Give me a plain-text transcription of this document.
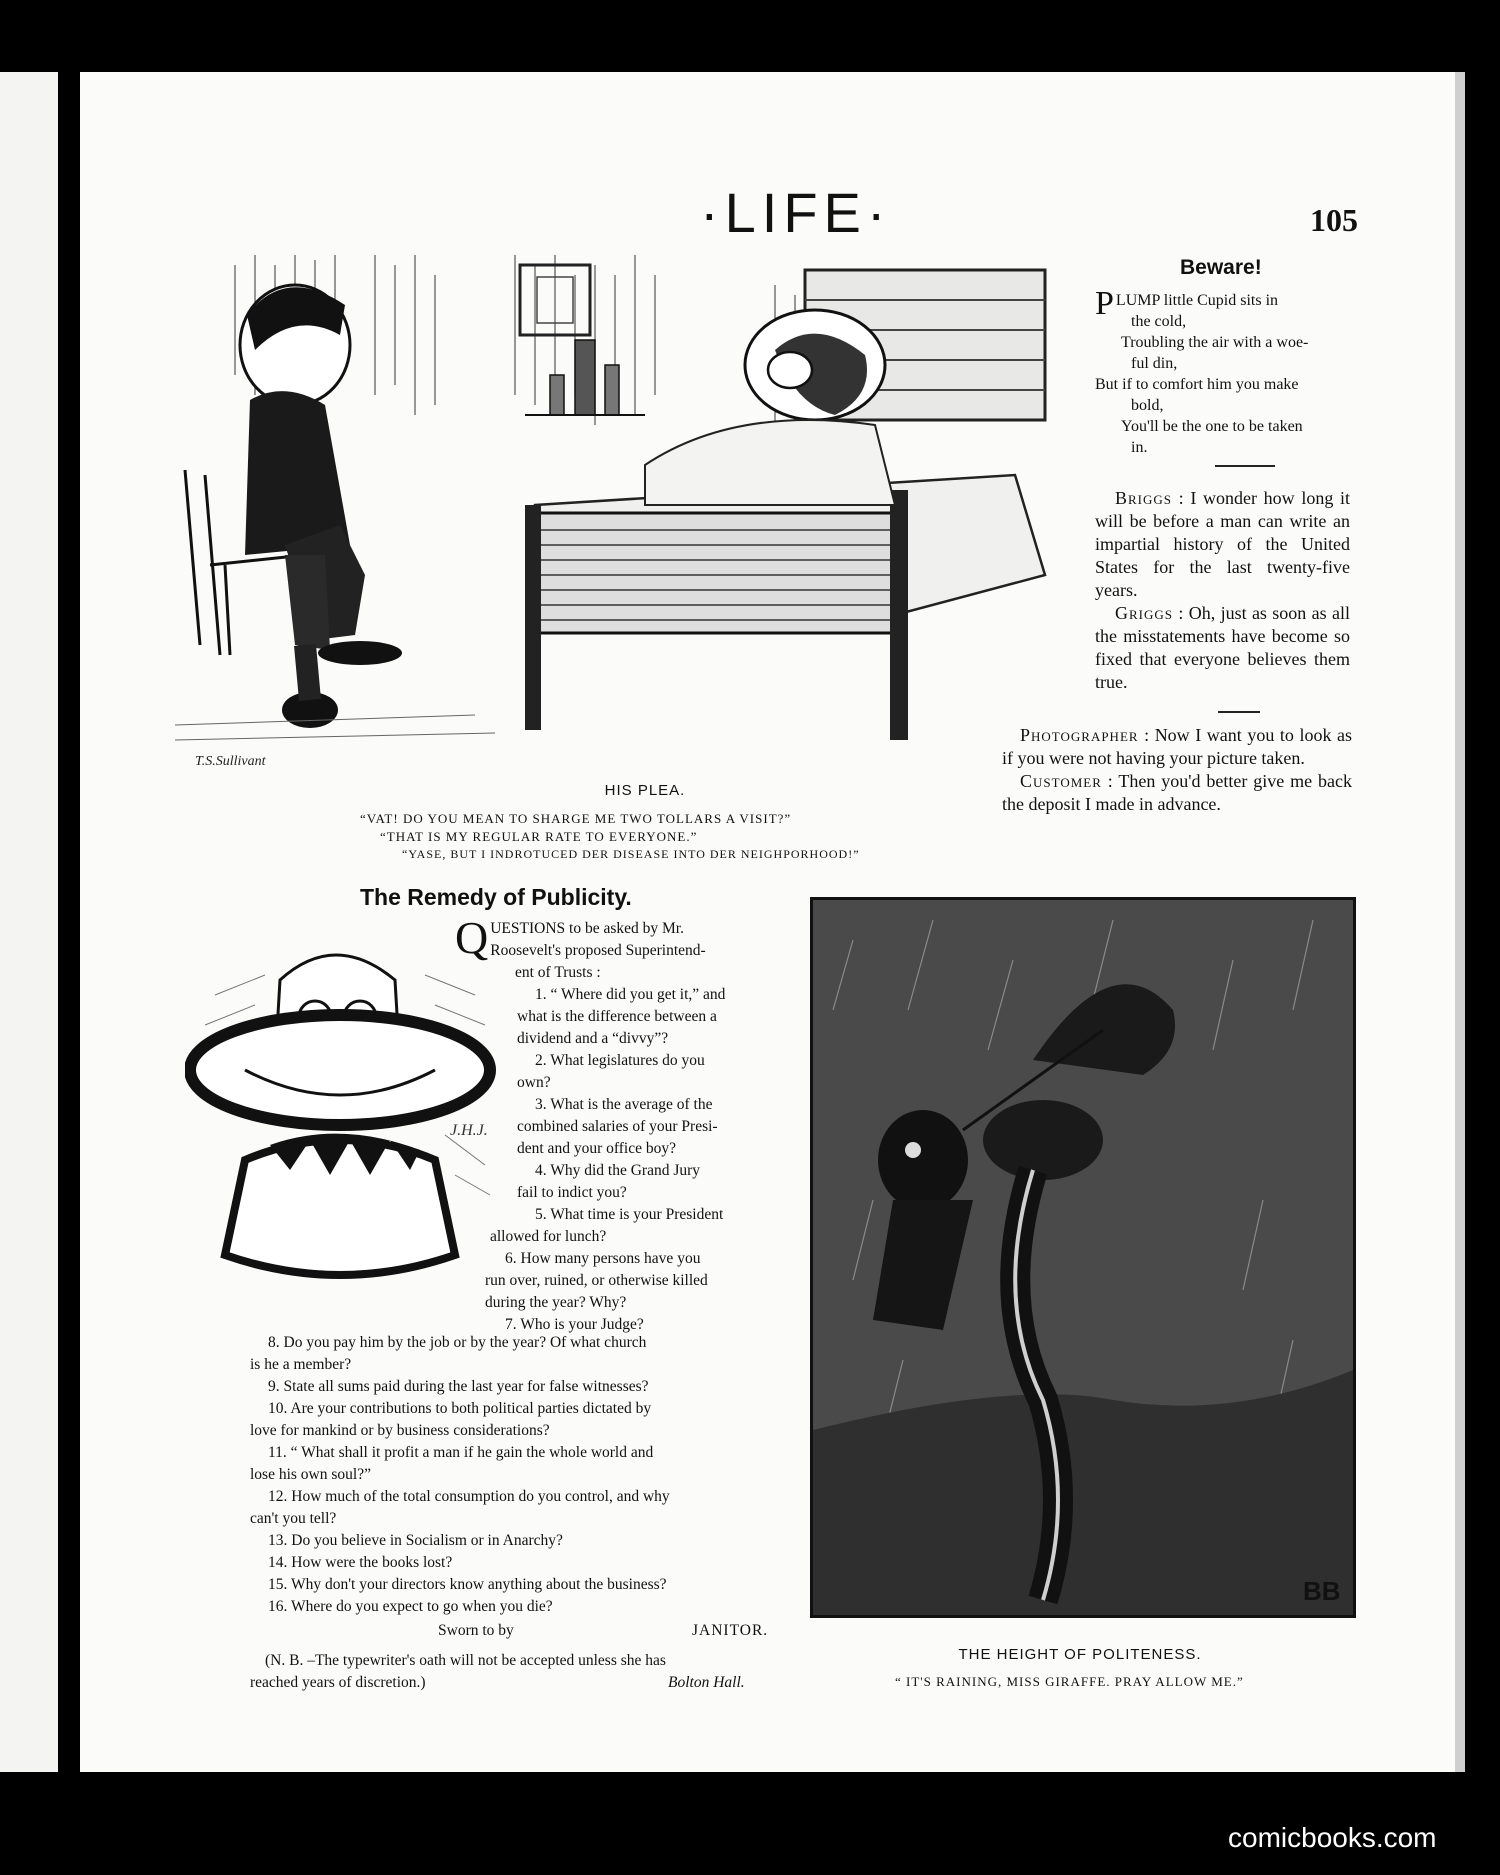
·LIFE·	105
T.S.Sullivant
HIS PLEA.
“VAT! DO YOU MEAN TO SHARGE ME TWO TOLLARS A VISIT?”
“THAT IS MY REGULAR RATE TO EVERYONE.”
“YASE, BUT I INDROTUCED DER DISEASE INTO DER NEIGHPORHOOD!”
Beware!
P LUMP little Cupid sits in
the cold,
Troubling the air with a woe-
ful din,
But if to comfort him you make
bold,
You'll be the one to be taken
in.
Briggs : I wonder how long it will be before a man can write an impartial history of the United States for the last twenty-five years.
Griggs : Oh, just as soon as all the misstatements have become so fixed that everyone believes them true.
Photographer : Now I want you to look as if you were not having your picture taken.
Customer : Then you'd better give me back the deposit I made in advance.
The Remedy of Publicity.
J.H.J.
Q UESTIONS to be asked by Mr.
Roosevelt's proposed Superintend-
ent of Trusts :
1. “ Where did you get it,” and
what is the difference between a
dividend and a “divvy”?
2. What legislatures do you
own?
3. What is the average of the
combined salaries of your Presi-
dent and your office boy?
4. Why did the Grand Jury
fail to indict you?
5. What time is your President
allowed for lunch?
6. How many persons have you
run over, ruined, or otherwise killed
during the year? Why?
7. Who is your Judge?
8. Do you pay him by the job or by the year? Of what church
is he a member?
9. State all sums paid during the last year for false witnesses?
10. Are your contributions to both political parties dictated by
love for mankind or by business considerations?
11. “ What shall it profit a man if he gain the whole world and
lose his own soul?”
12. How much of the total consumption do you control, and why
can't you tell?
13. Do you believe in Socialism or in Anarchy?
14. How were the books lost?
15. Why don't your directors know anything about the business?
16. Where do you expect to go when you die?
Sworn to by	JANITOR.
(N. B. –The typewriter's oath will not be accepted unless she has
reached years of discretion.)	Bolton Hall.
BB
THE HEIGHT OF POLITENESS.
“ IT'S RAINING, MISS GIRAFFE. PRAY ALLOW ME.”
comicbooks.com
